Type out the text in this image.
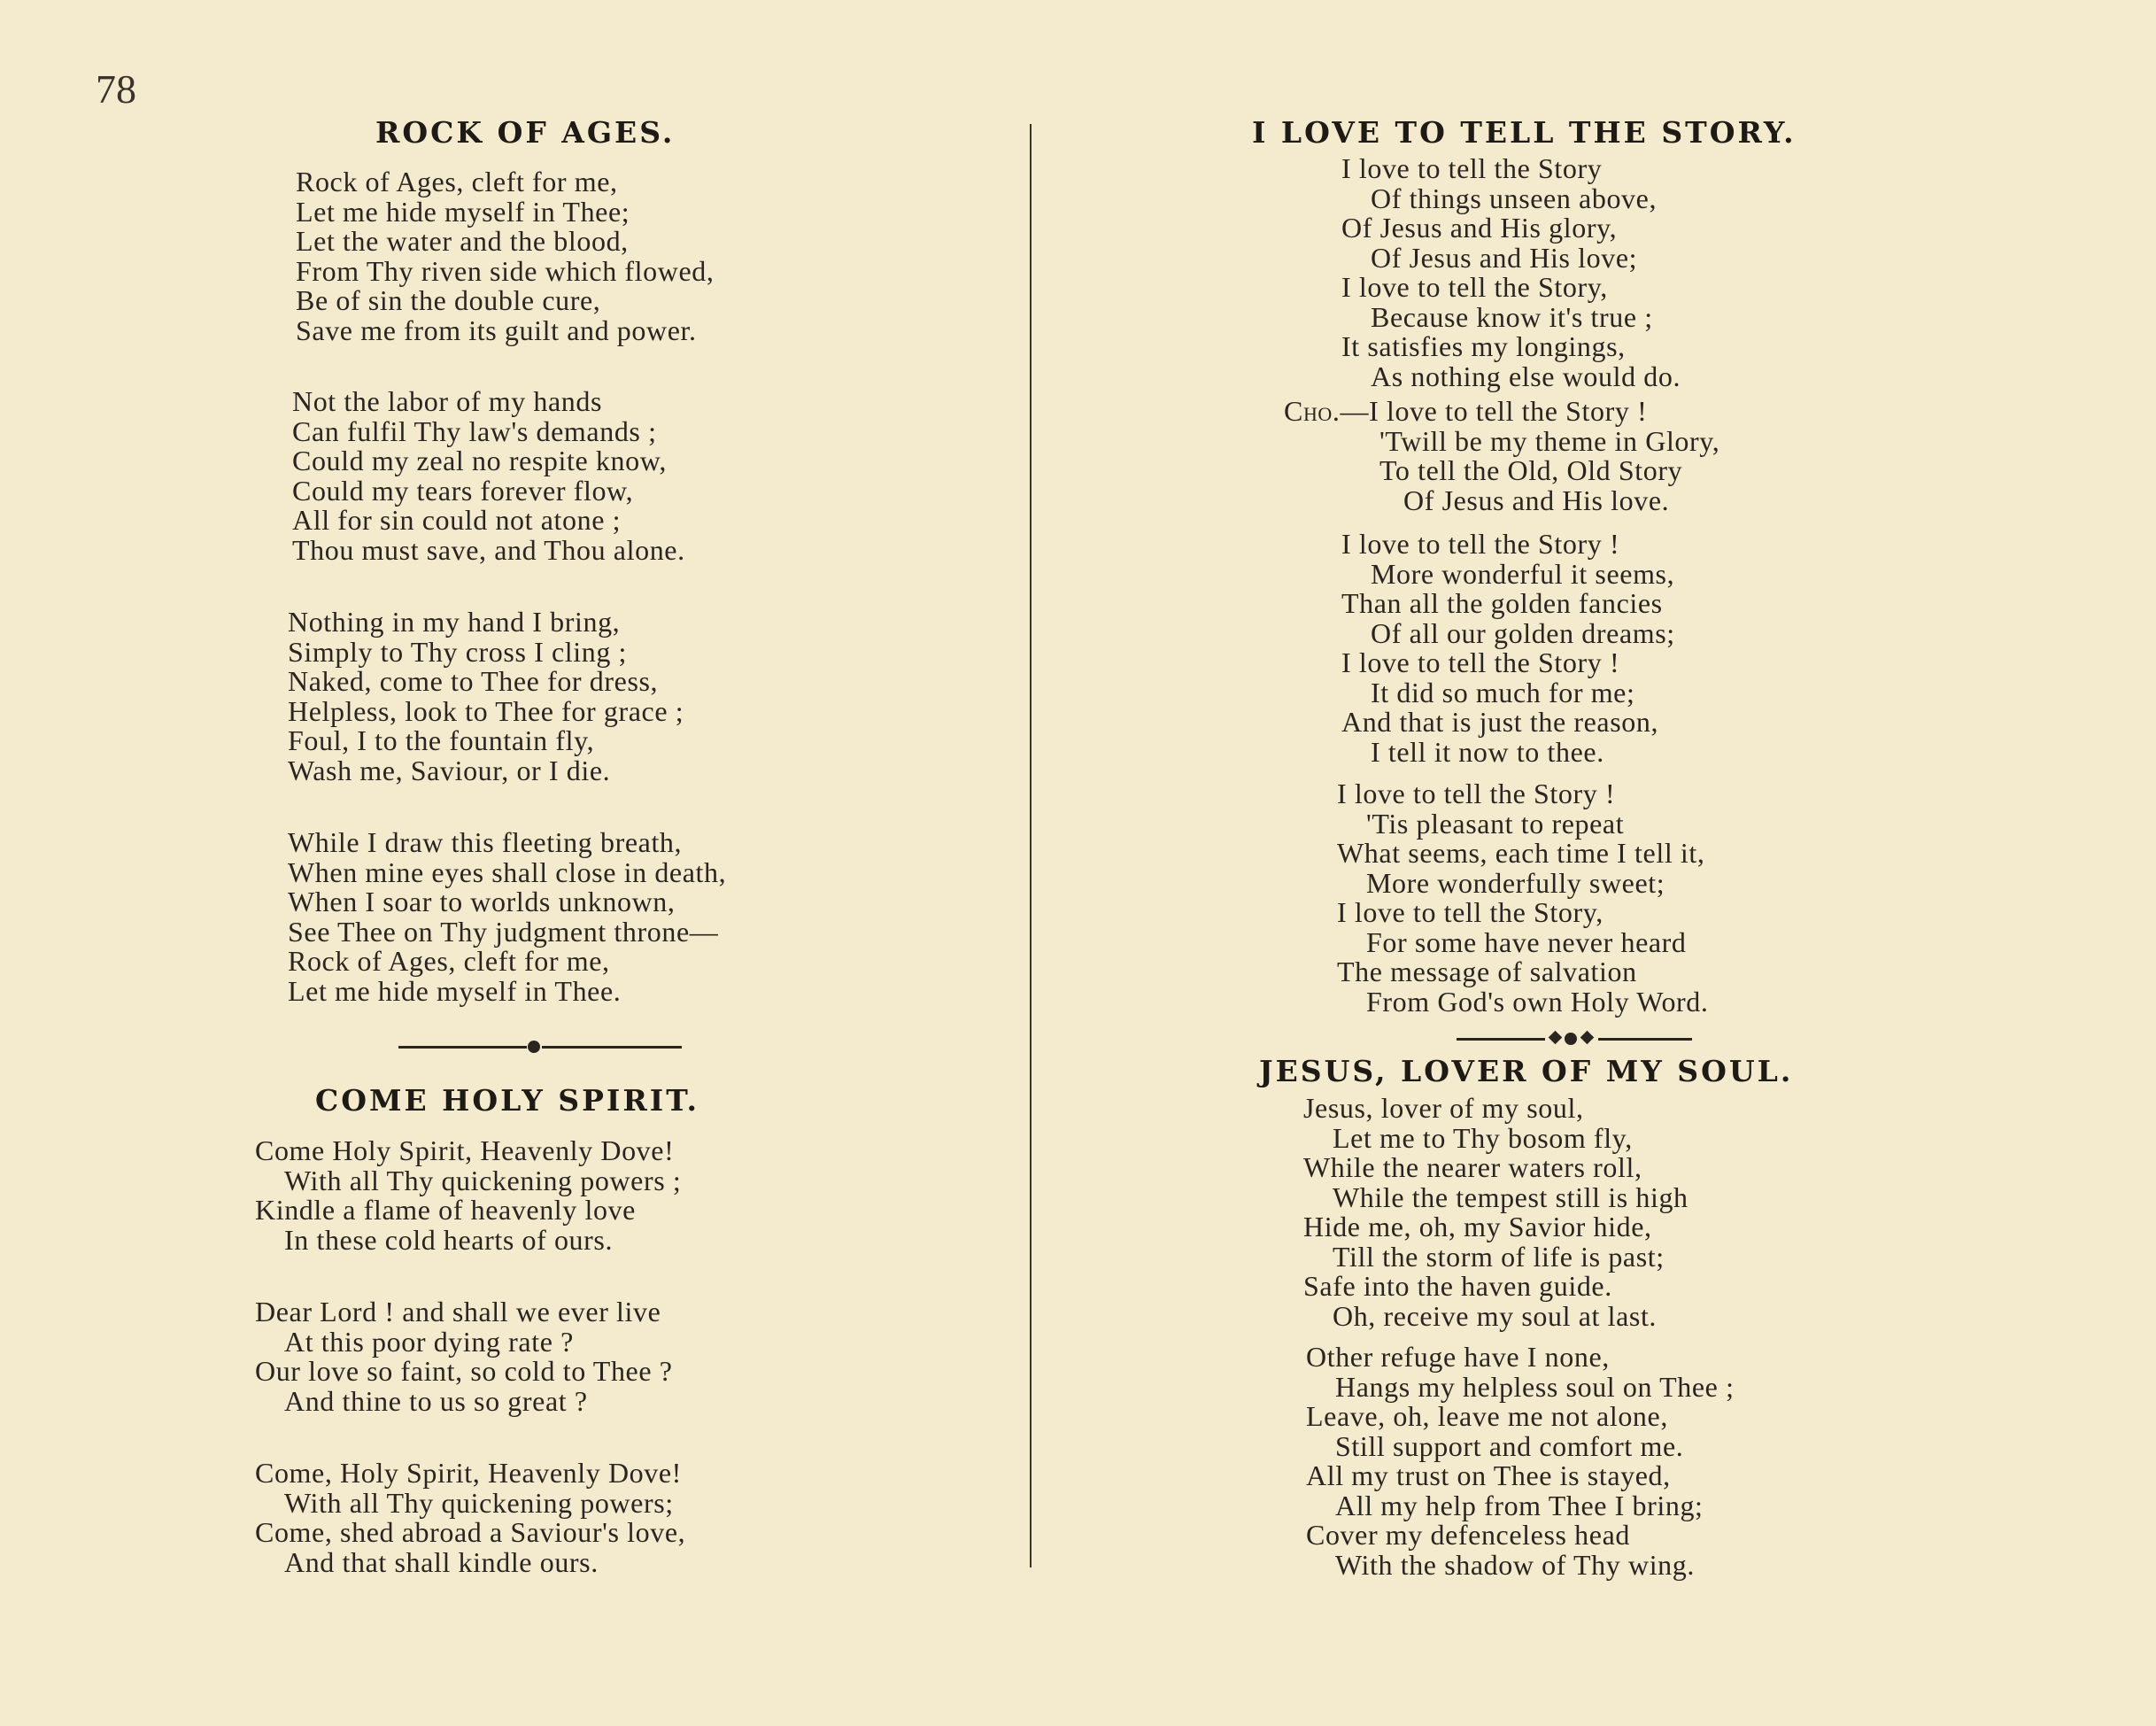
78
ROCK OF AGES.
Rock of Ages, cleft for me,
Let me hide myself in Thee;
Let the water and the blood,
From Thy riven side which flowed,
Be of sin the double cure,
Save me from its guilt and power.
Not the labor of my hands
Can fulfil Thy law's demands ;
Could my zeal no respite know,
Could my tears forever flow,
All for sin could not atone ;
Thou must save, and Thou alone.
Nothing in my hand I bring,
Simply to Thy cross I cling ;
Naked, come to Thee for dress,
Helpless, look to Thee for grace ;
Foul, I to the fountain fly,
Wash me, Saviour, or I die.
While I draw this fleeting breath,
When mine eyes shall close in death,
When I soar to worlds unknown,
See Thee on Thy judgment throne—
Rock of Ages, cleft for me,
Let me hide myself in Thee.
COME HOLY SPIRIT.
Come Holy Spirit, Heavenly Dove!
With all Thy quickening powers ;
Kindle a flame of heavenly love
In these cold hearts of ours.
Dear Lord ! and shall we ever live
At this poor dying rate ?
Our love so faint, so cold to Thee ?
And thine to us so great ?
Come, Holy Spirit, Heavenly Dove!
With all Thy quickening powers;
Come, shed abroad a Saviour's love,
And that shall kindle ours.
I LOVE TO TELL THE STORY.
I love to tell the Story
Of things unseen above,
Of Jesus and His glory,
Of Jesus and His love;
I love to tell the Story,
Because know it's true ;
It satisfies my longings,
As nothing else would do.
Cho.—I love to tell the Story !
'Twill be my theme in Glory,
To tell the Old, Old Story
Of Jesus and His love.
I love to tell the Story !
More wonderful it seems,
Than all the golden fancies
Of all our golden dreams;
I love to tell the Story !
It did so much for me;
And that is just the reason,
I tell it now to thee.
I love to tell the Story !
'Tis pleasant to repeat
What seems, each time I tell it,
More wonderfully sweet;
I love to tell the Story,
For some have never heard
The message of salvation
From God's own Holy Word.
JESUS, LOVER OF MY SOUL.
Jesus, lover of my soul,
Let me to Thy bosom fly,
While the nearer waters roll,
While the tempest still is high
Hide me, oh, my Savior hide,
Till the storm of life is past;
Safe into the haven guide.
Oh, receive my soul at last.
Other refuge have I none,
Hangs my helpless soul on Thee ;
Leave, oh, leave me not alone,
Still support and comfort me.
All my trust on Thee is stayed,
All my help from Thee I bring;
Cover my defenceless head
With the shadow of Thy wing.
